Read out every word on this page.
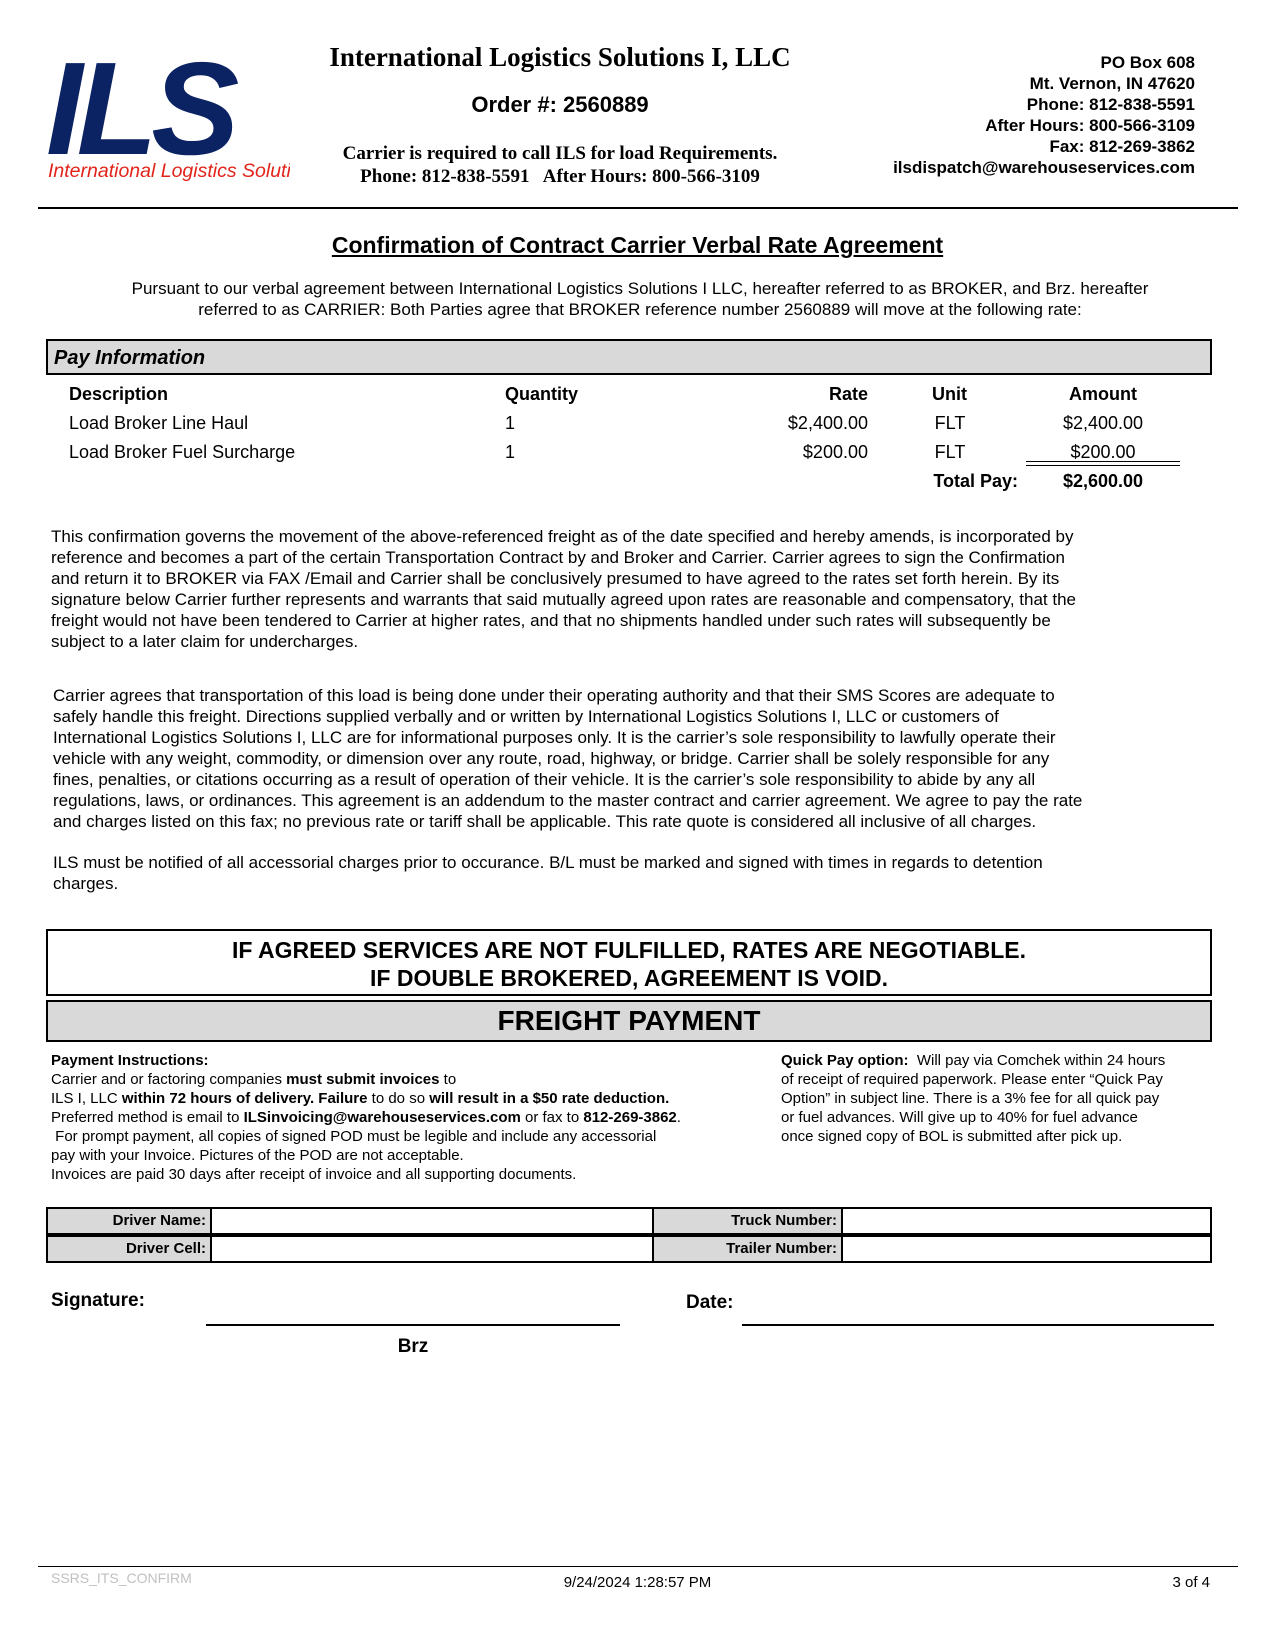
ILS
International Logistics Soluti
International Logistics Solutions I, LLC
Order #: 2560889
Carrier is required to call ILS for load Requirements.
Phone: 812-838-5591   After Hours: 800-566-3109
PO Box 608
Mt. Vernon, IN 47620
Phone: 812-838-5591
After Hours: 800-566-3109
Fax: 812-269-3862
ilsdispatch@warehouseservices.com
Confirmation of Contract Carrier Verbal Rate Agreement
Pursuant to our verbal agreement between International Logistics Solutions I LLC, hereafter referred to as BROKER, and Brz. hereafter
referred to as CARRIER: Both Parties agree that BROKER reference number 2560889 will move at the following rate:
Pay Information
Description	Quantity	Rate	Unit	Amount
Load Broker Line Haul	1	$2,400.00	FLT	$2,400.00
Load Broker Fuel Surcharge	1	$200.00	FLT	$200.00
Total Pay:	$2,600.00
This confirmation governs the movement of the above-referenced freight as of the date specified and hereby amends, is incorporated by
reference and becomes a part of the certain Transportation Contract by and Broker and Carrier. Carrier agrees to sign the Confirmation
and return it to BROKER via FAX /Email and Carrier shall be conclusively presumed to have agreed to the rates set forth herein. By its
signature below Carrier further represents and warrants that said mutually agreed upon rates are reasonable and compensatory, that the
freight would not have been tendered to Carrier at higher rates, and that no shipments handled under such rates will subsequently be
subject to a later claim for undercharges.
Carrier agrees that transportation of this load is being done under their operating authority and that their SMS Scores are adequate to
safely handle this freight. Directions supplied verbally and or written by International Logistics Solutions I, LLC or customers of
International Logistics Solutions I, LLC are for informational purposes only. It is the carrier’s sole responsibility to lawfully operate their
vehicle with any weight, commodity, or dimension over any route, road, highway, or bridge. Carrier shall be solely responsible for any
fines, penalties, or citations occurring as a result of operation of their vehicle. It is the carrier’s sole responsibility to abide by any all
regulations, laws, or ordinances. This agreement is an addendum to the master contract and carrier agreement. We agree to pay the rate
and charges listed on this fax; no previous rate or tariff shall be applicable. This rate quote is considered all inclusive of all charges.
ILS must be notified of all accessorial charges prior to occurance. B/L must be marked and signed with times in regards to detention
charges.
IF AGREED SERVICES ARE NOT FULFILLED, RATES ARE NEGOTIABLE.
IF DOUBLE BROKERED, AGREEMENT IS VOID.
FREIGHT PAYMENT
Payment Instructions:
Carrier and or factoring companies must submit invoices to
ILS I, LLC within 72 hours of delivery. Failure to do so will result in a $50 rate deduction.
Preferred method is email to ILSinvoicing@warehouseservices.com or fax to 812-269-3862.
For prompt payment, all copies of signed POD must be legible and include any accessorial
pay with your Invoice. Pictures of the POD are not acceptable.
Invoices are paid 30 days after receipt of invoice and all supporting documents.
Quick Pay option:  Will pay via Comchek within 24 hours
of receipt of required paperwork. Please enter “Quick Pay
Option” in subject line. There is a 3% fee for all quick pay
or fuel advances. Will give up to 40% for fuel advance
once signed copy of BOL is submitted after pick up.
Driver Name:	Truck Number:
Driver Cell:	Trailer Number:
Signature:
Brz
Date:
SSRS_ITS_CONFIRM	9/24/2024 1:28:57 PM	3 of 4
